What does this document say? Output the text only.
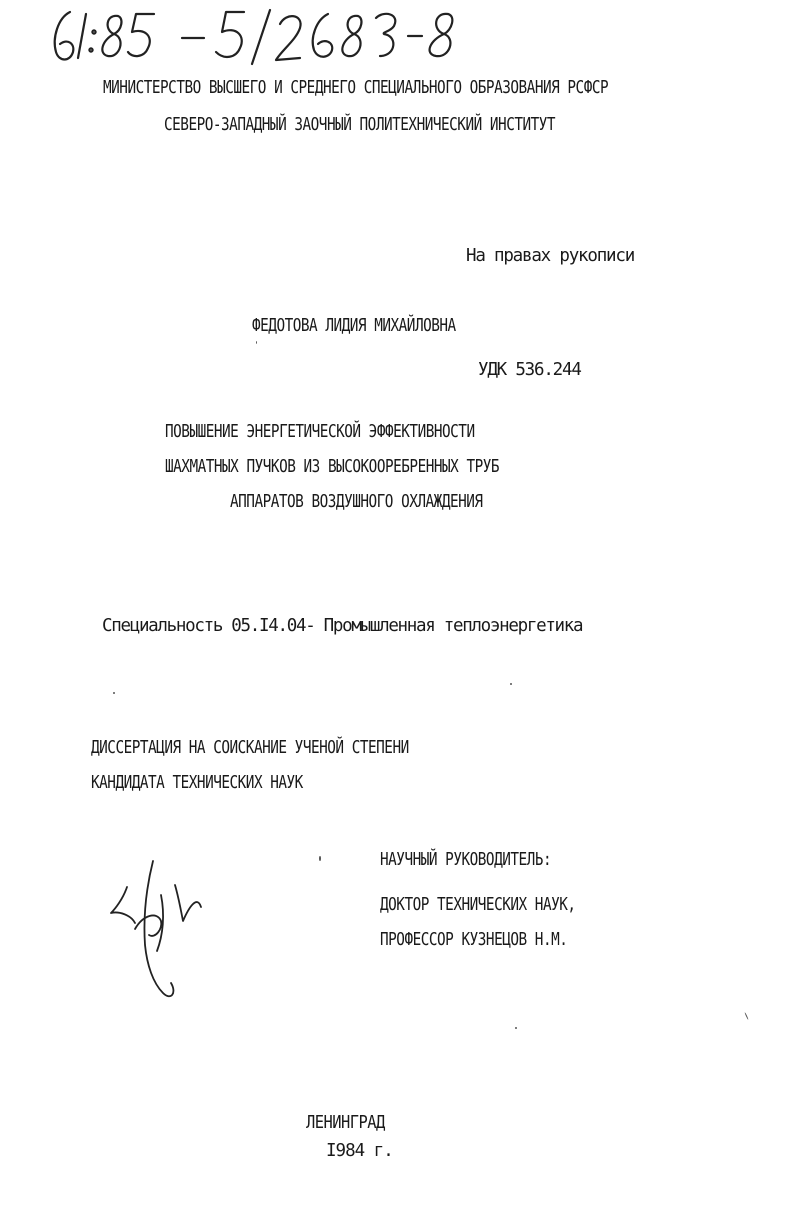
МИНИСТЕРСТВО ВЫСШЕГО И СРЕДНЕГО СПЕЦИАЛЬНОГО ОБРАЗОВАНИЯ РСФСР
СЕВЕРО-ЗАПАДНЫЙ ЗАОЧНЫЙ ПОЛИТЕХНИЧЕСКИЙ ИНСТИТУТ
На правах рукописи
ФЕДОТОВА ЛИДИЯ МИХАЙЛОВНА
УДК 536.244
ПОВЫШЕНИЕ ЭНЕРГЕТИЧЕСКОЙ ЭФФЕКТИВНОСТИ
ШАХМАТНЫХ ПУЧКОВ ИЗ ВЫСОКООРЕБРЕННЫХ ТРУБ
АППАРАТОВ ВОЗДУШНОГО ОХЛАЖДЕНИЯ
Специальность 05.I4.04- Промышленная теплоэнергетика
ДИССЕРТАЦИЯ НА СОИСКАНИЕ УЧЕНОЙ СТЕПЕНИ
КАНДИДАТА ТЕХНИЧЕСКИХ НАУК
НАУЧНЫЙ РУКОВОДИТЕЛЬ:
ДОКТОР ТЕХНИЧЕСКИХ НАУК,
ПРОФЕССОР КУЗНЕЦОВ Н.М.
ЛЕНИНГРАД
I984 г.
